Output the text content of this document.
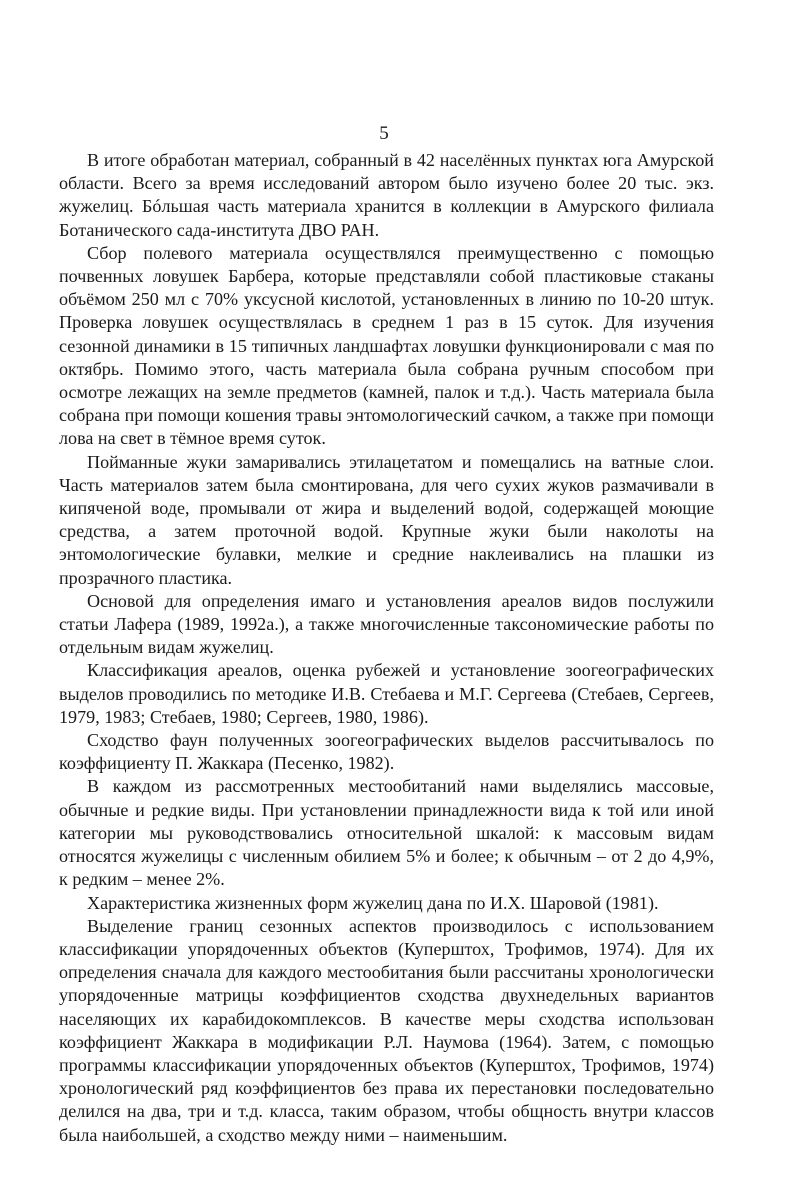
5

В итоге обработан материал, собранный в 42 населённых пунктах юга Амурской области. Всего за время исследований автором было изучено более 20 тыс. экз. жужелиц. Бóльшая часть материала хранится в коллекции в Амурского филиала Ботанического сада-института ДВО РАН.

Сбор полевого материала осуществлялся преимущественно с помощью почвенных ловушек Барбера, которые представляли собой пластиковые стаканы объёмом 250 мл с 70% уксусной кислотой, установленных в линию по 10-20 штук. Проверка ловушек осуществлялась в среднем 1 раз в 15 суток. Для изучения сезонной динамики в 15 типичных ландшафтах ловушки функционировали с мая по октябрь. Помимо этого, часть материала была собрана ручным способом при осмотре лежащих на земле предметов (камней, палок и т.д.). Часть материала была собрана при помощи кошения травы энтомологический сачком, а также при помощи лова на свет в тёмное время суток.

Пойманные жуки замаривались этилацетатом и помещались на ватные слои. Часть материалов затем была смонтирована, для чего сухих жуков размачивали в кипяченой воде, промывали от жира и выделений водой, содержащей моющие средства, а затем проточной водой. Крупные жуки были наколоты на энтомологические булавки, мелкие и средние наклеивались на плашки из прозрачного пластика.

Основой для определения имаго и установления ареалов видов послужили статьи Лафера (1989, 1992а.), а также многочисленные таксономические работы по отдельным видам жужелиц.

Классификация ареалов, оценка рубежей и установление зоогеографических выделов проводились по методике И.В. Стебаева и М.Г. Сергеева (Стебаев, Сергеев, 1979, 1983; Стебаев, 1980; Сергеев, 1980, 1986).

Сходство фаун полученных зоогеографических выделов рассчитывалось по коэффициенту П. Жаккара (Песенко, 1982).

В каждом из рассмотренных местообитаний нами выделялись массовые, обычные и редкие виды. При установлении принадлежности вида к той или иной категории мы руководствовались относительной шкалой: к массовым видам относятся жужелицы с численным обилием 5% и более; к обычным – от 2 до 4,9%, к редким – менее 2%.

Характеристика жизненных форм жужелиц дана по И.Х. Шаровой (1981).

Выделение границ сезонных аспектов производилось с использованием классификации упорядоченных объектов (Куперштох, Трофимов, 1974). Для их определения сначала для каждого местообитания были рассчитаны хронологически упорядоченные матрицы коэффициентов сходства двухнедельных вариантов населяющих их карабидокомплексов. В качестве меры сходства использован коэффициент Жаккара в модификации Р.Л. Наумова (1964). Затем, с помощью программы классификации упорядоченных объектов (Куперштох, Трофимов, 1974) хронологический ряд коэффициентов без права их перестановки последовательно делился на два, три и т.д. класса, таким образом, чтобы общность внутри классов была наибольшей, а сходство между ними – наименьшим.
